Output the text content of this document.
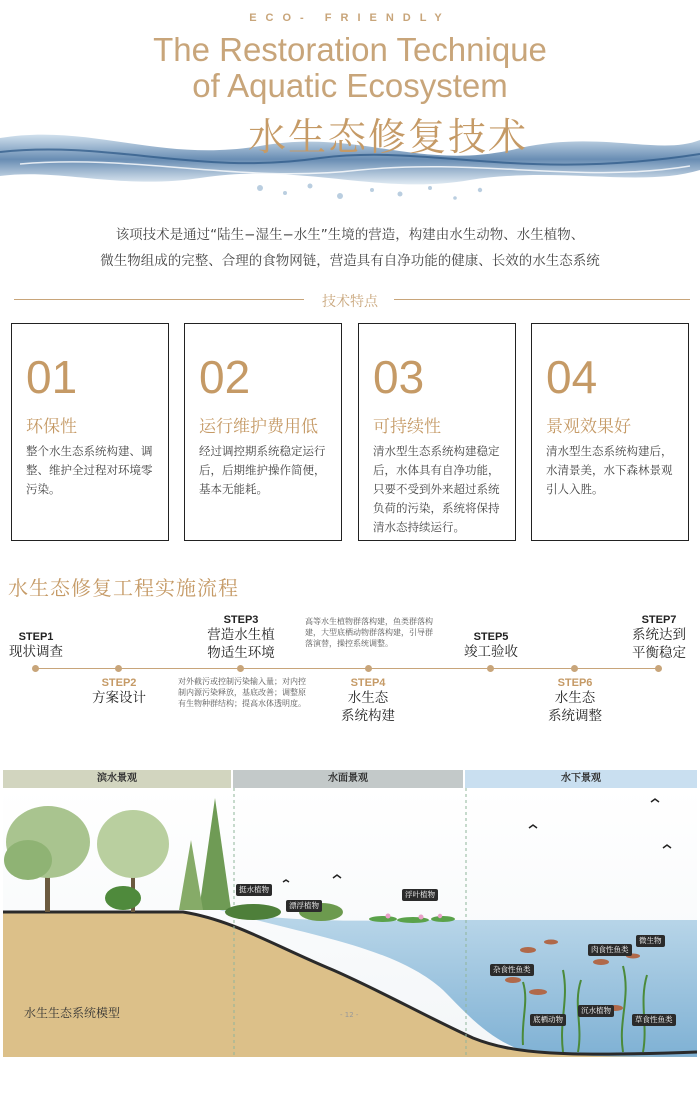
ECO- FRIENDLY
The Restoration Technique
of Aquatic Ecosystem
水生态修复技术
该项技术是通过“陆生−湿生−水生”生境的营造，构建由水生动物、水生植物、
微生物组成的完整、合理的食物网链，营造具有自净功能的健康、长效的水生态系统
技术特点
01
环保性
整个水生态系统构建、调整、维护全过程对环境零污染。
02
运行维护费用低
经过调控期系统稳定运行后，后期维护操作简便，基本无能耗。
03
可持续性
清水型生态系统构建稳定后，水体具有自净功能，只要不受到外来超过系统负荷的污染，系统将保持清水态持续运行。
04
景观效果好
清水型生态系统构建后，水清景美，水下森林景观引人入胜。
水生态修复工程实施流程
STEP1
现状调查
STEP2
方案设计
STEP3
营造水生植
物适生环境
对外截污或控制污染输入量；对内控制内源污染释放，基底改善；调整原有生物种群结构；提高水体透明度。
高等水生植物群落构建，鱼类群落构建，大型底栖动物群落构建，引导群落演替，操控系统调整。
STEP4
水生态
系统构建
STEP5
竣工验收
STEP6
水生态
系统调整
STEP7
系统达到
平衡稳定
滨水景观	水面景观	水下景观
挺水植物
漂浮植物
浮叶植物
肉食性鱼类
微生物
杂食性鱼类
底栖动物
沉水植物
草食性鱼类
水生生态系统模型	- 12 -
